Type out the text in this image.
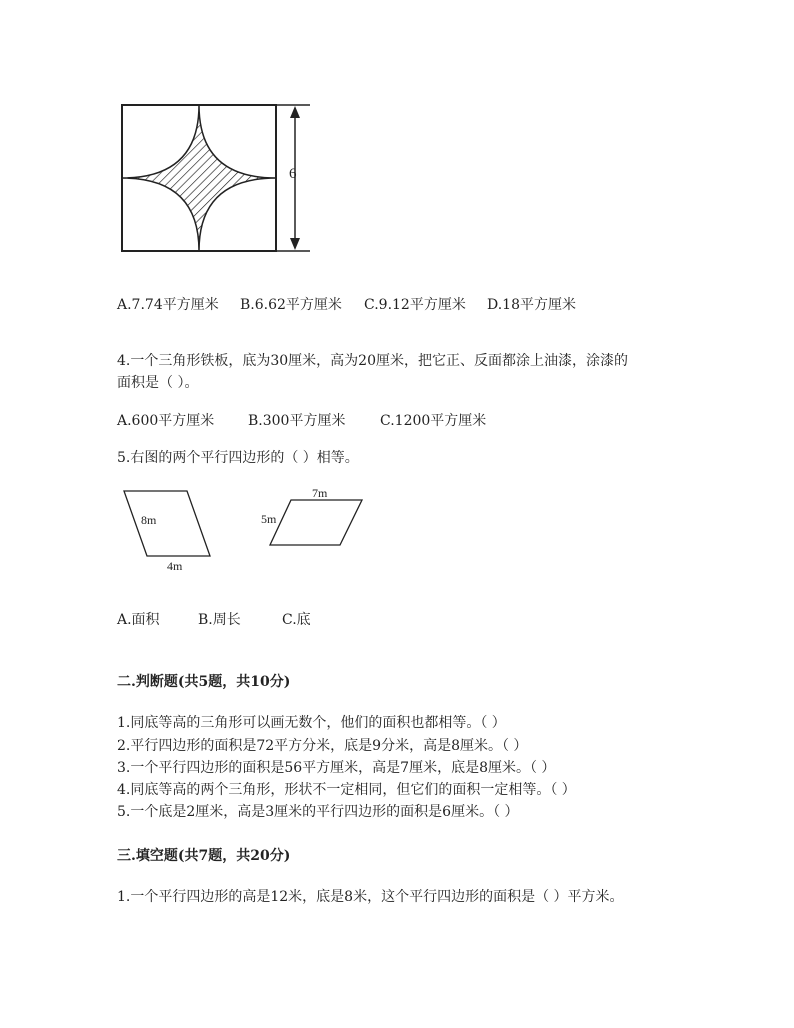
6
A.7.74平方厘米 B.6.62平方厘米 C.9.12平方厘米 D.18平方厘米
4.一个三角形铁板，底为30厘米，高为20厘米，把它正、反面都涂上油漆，涂漆的
面积是（ ）。
A.600平方厘米 B.300平方厘米 C.1200平方厘米
5.右图的两个平行四边形的（ ）相等。
8m
4m
7m
5m
A.面积	B.周长	C.底
二.判断题(共5题，共10分)
1.同底等高的三角形可以画无数个，他们的面积也都相等。（ ）
2.平行四边形的面积是72平方分米，底是9分米，高是8厘米。（ ）
3.一个平行四边形的面积是56平方厘米，高是7厘米，底是8厘米。（ ）
4.同底等高的两个三角形，形状不一定相同，但它们的面积一定相等。（ ）
5.一个底是2厘米，高是3厘米的平行四边形的面积是6厘米。（ ）
三.填空题(共7题，共20分)
1.一个平行四边形的高是12米，底是8米，这个平行四边形的面积是（ ）平方米。
